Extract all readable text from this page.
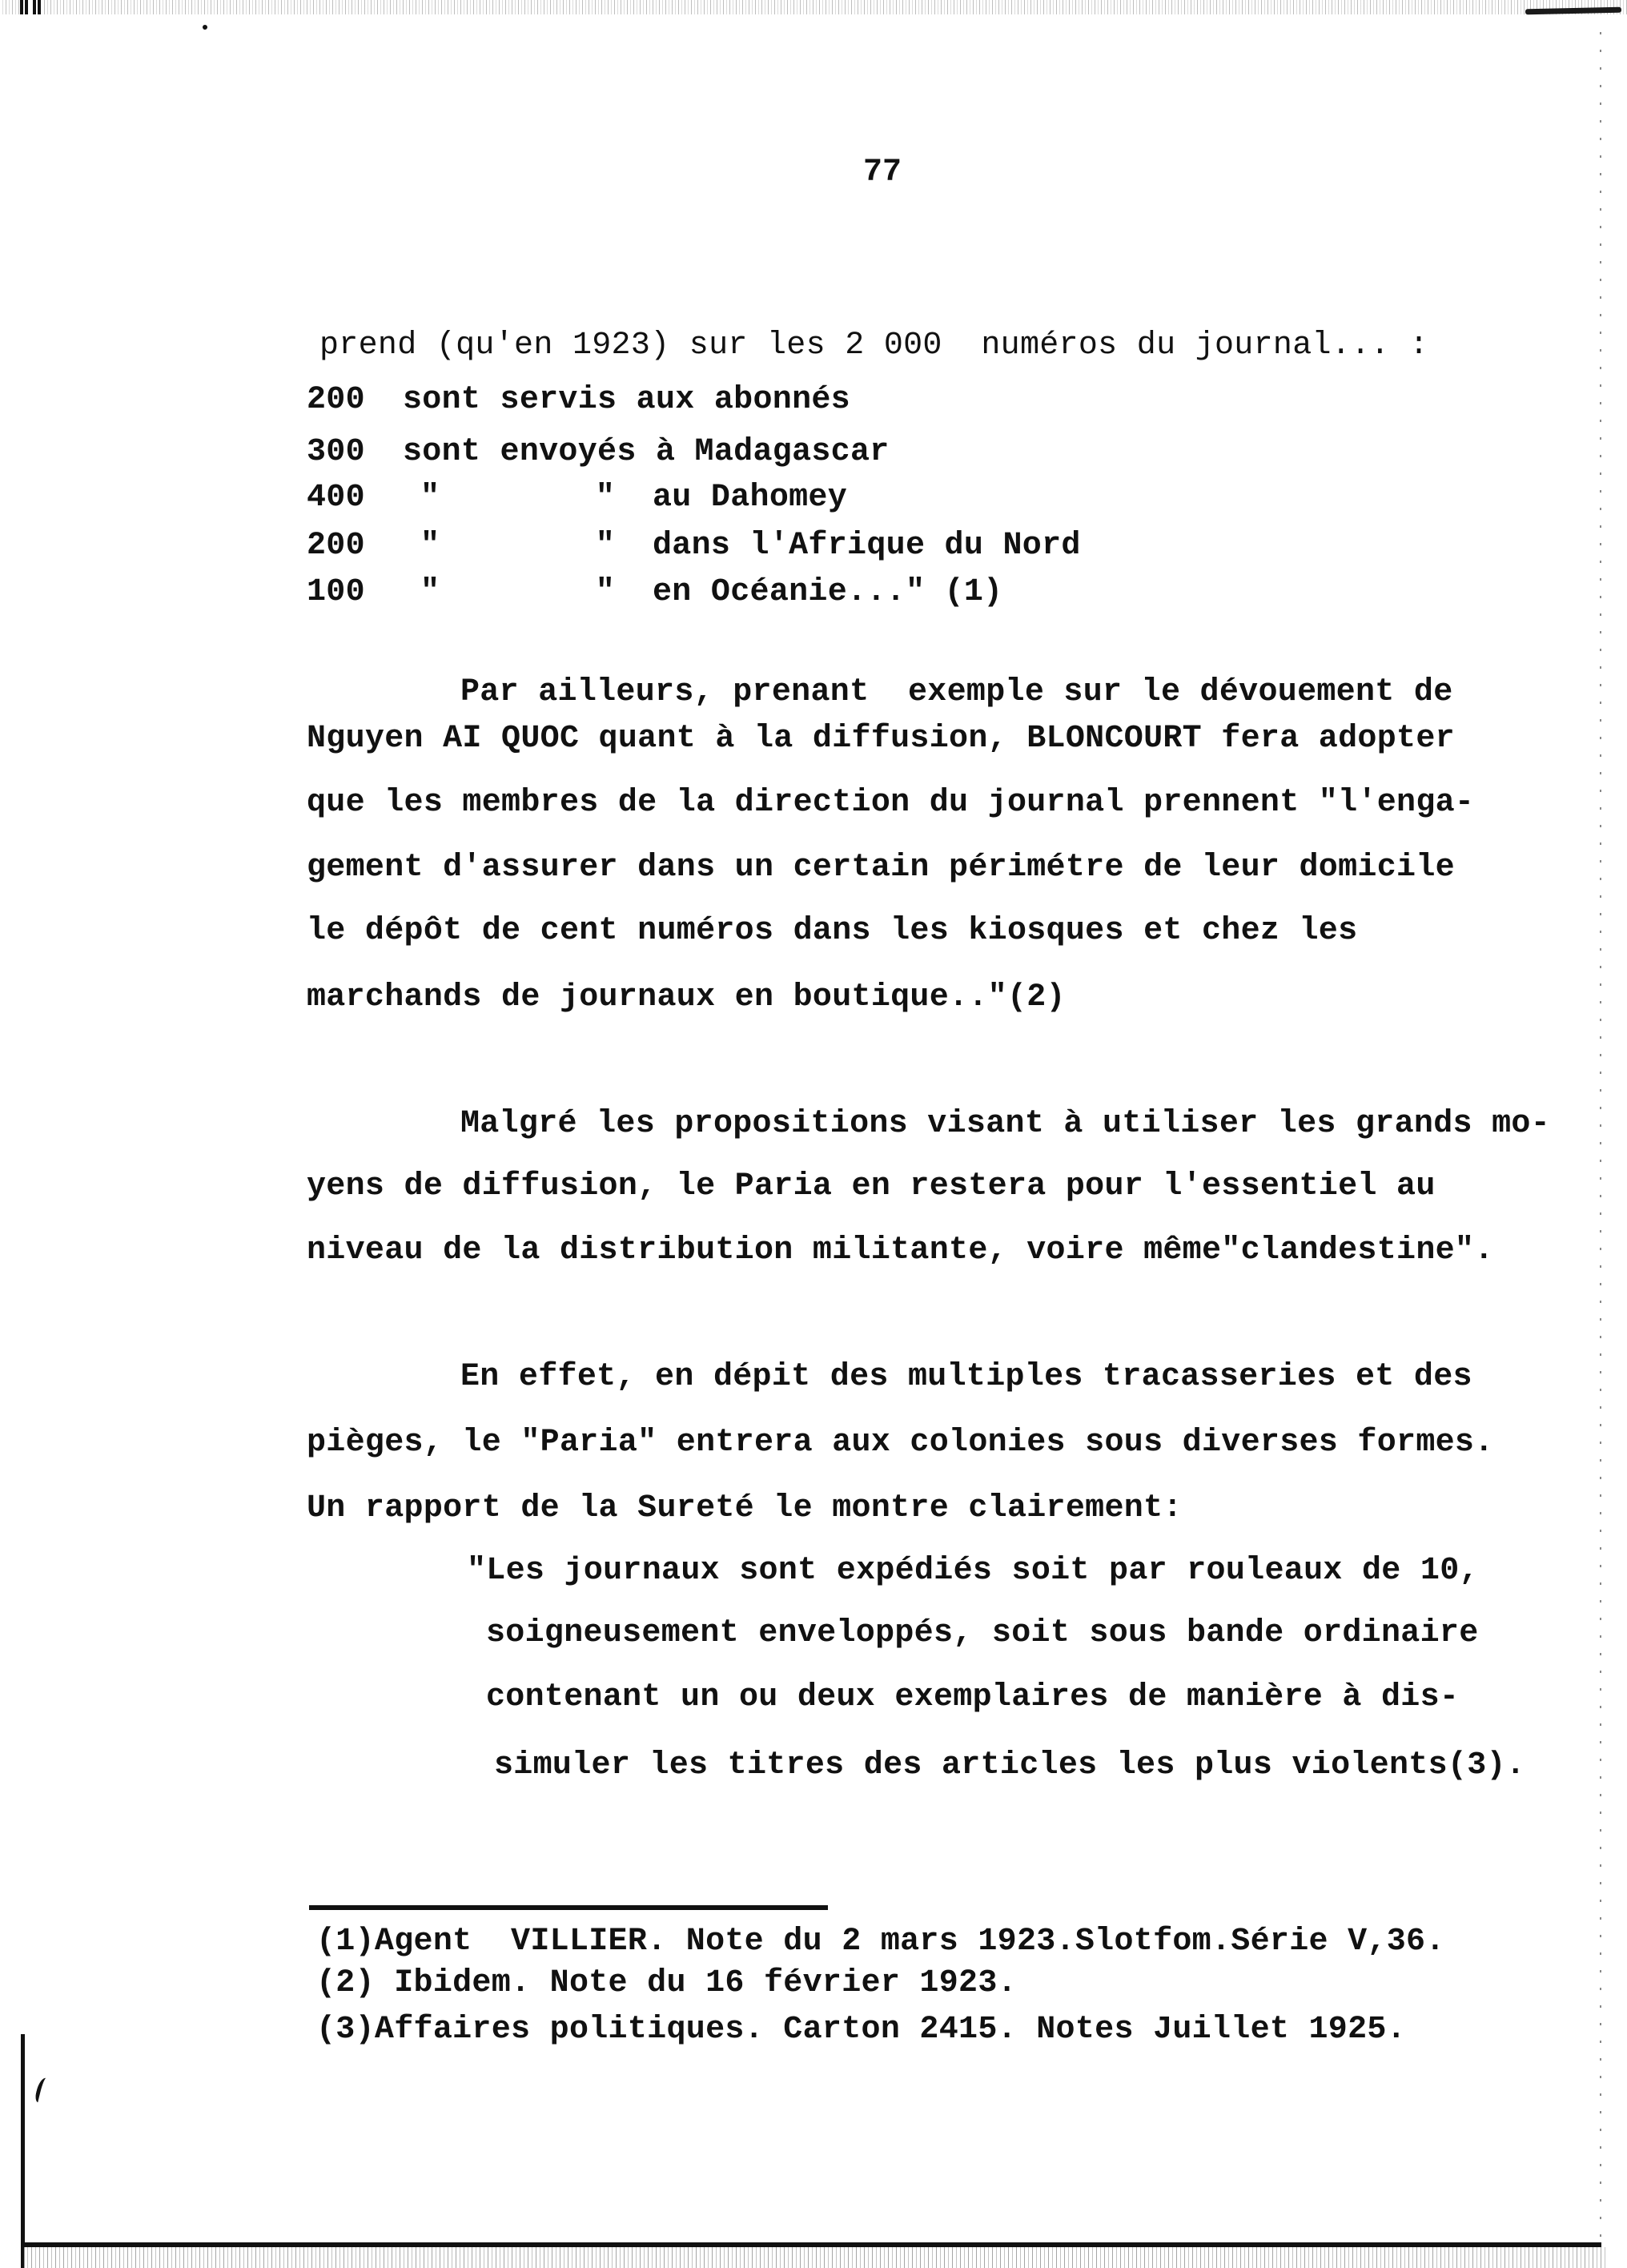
77
prend (qu'en 1923) sur les 2 000  numéros du journal... :
200 sont servis aux abonnés
300 sont envoyés à Madagascar
400 "        " au Dahomey
200 "        " dans l'Afrique du Nord
100 "        " en Océanie..." (1)
Par ailleurs, prenant  exemple sur le dévouement de
Nguyen AI QUOC quant à la diffusion, BLONCOURT fera adopter
que les membres de la direction du journal prennent "l'enga-
gement d'assurer dans un certain périmétre de leur domicile
le dépôt de cent numéros dans les kiosques et chez les
marchands de journaux en boutique.."(2)
Malgré les propositions visant à utiliser les grands mo-
yens de diffusion, le Paria en restera pour l'essentiel au
niveau de la distribution militante, voire même"clandestine".
En effet, en dépit des multiples tracasseries et des
pièges, le "Paria" entrera aux colonies sous diverses formes.
Un rapport de la Sureté le montre clairement:
"Les journaux sont expédiés soit par rouleaux de 10,
soigneusement enveloppés, soit sous bande ordinaire
contenant un ou deux exemplaires de manière à dis-
simuler les titres des articles les plus violents(3).
(1)Agent  VILLIER. Note du 2 mars 1923.Slotfom.Série V,36.
(2) Ibidem. Note du 16 février 1923.
(3)Affaires politiques. Carton 2415. Notes Juillet 1925.
